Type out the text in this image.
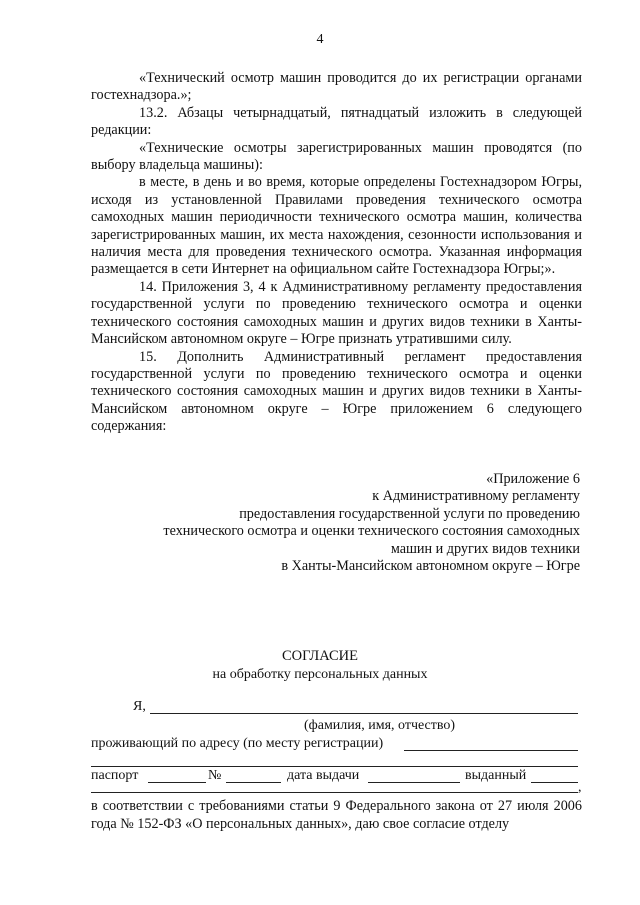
4

«Технический осмотр машин проводится до их регистрации органами гостехнадзора.»;

13.2. Абзацы четырнадцатый, пятнадцатый изложить в следующей редакции:

«Технические осмотры зарегистрированных машин проводятся (по выбору владельца машины):

в месте, в день и во время, которые определены Гостехнадзором Югры, исходя из установленной Правилами проведения технического осмотра самоходных машин периодичности технического осмотра машин, количества зарегистрированных машин, их места нахождения, сезонности использования и наличия места для проведения технического осмотра. Указанная информация размещается в сети Интернет на официальном сайте Гостехнадзора Югры;».

14. Приложения 3, 4 к Административному регламенту предоставления государственной услуги по проведению технического осмотра и оценки технического состояния самоходных машин и других видов техники в Ханты-Мансийском автономном округе – Югре признать утратившими силу.

15. Дополнить Административный регламент предоставления государственной услуги по проведению технического осмотра и оценки технического состояния самоходных машин и других видов техники в Ханты-Мансийском автономном округе – Югре приложением 6 следующего содержания:

«Приложение 6
к Административному регламенту
предоставления государственной услуги по проведению
технического осмотра и оценки технического состояния самоходных
машин и других видов техники
в Ханты-Мансийском автономном округе – Югре
СОГЛАСИЕ
на обработку персональных данных
Я,
(фамилия, имя, отчество)
проживающий по адресу (по месту регистрации)
паспорт	№	дата выдачи	выданный
,
в соответствии с требованиями статьи 9 Федерального закона от 27 июля 2006 года № 152-ФЗ «О персональных данных», даю свое согласие отделу
